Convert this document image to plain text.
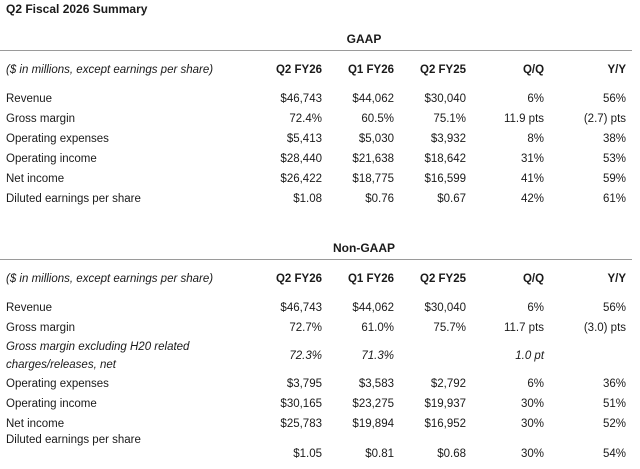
Q2 Fiscal 2026 Summary
	GAAP				
($ in millions, except earnings per share)	Q2 FY26	Q1 FY26	Q2 FY25	Q/Q	Y/Y
Revenue	$46,743	$44,062	$30,040	6%	56%
Gross margin	72.4%	60.5%	75.1%	11.9 pts	(2.7) pts
Operating expenses	$5,413	$5,030	$3,932	8%	38%
Operating income	$28,440	$21,638	$18,642	31%	53%
Net income	$26,422	$18,775	$16,599	41%	59%
Diluted earnings per share	$1.08	$0.76	$0.67	42%	61%
	Non-GAAP				
($ in millions, except earnings per share)	Q2 FY26	Q1 FY26	Q2 FY25	Q/Q	Y/Y
Revenue	$46,743	$44,062	$30,040	6%	56%
Gross margin	72.7%	61.0%	75.7%	11.7 pts	(3.0) pts
Gross margin excluding H20 related charges/releases, net	72.3%	71.3%		1.0 pt	
Operating expenses	$3,795	$3,583	$2,792	6%	36%
Operating income	$30,165	$23,275	$19,937	30%	51%
Net income	$25,783	$19,894	$16,952	30%	52%
Diluted earnings per share	$1.05	$0.81	$0.68	30%	54%
